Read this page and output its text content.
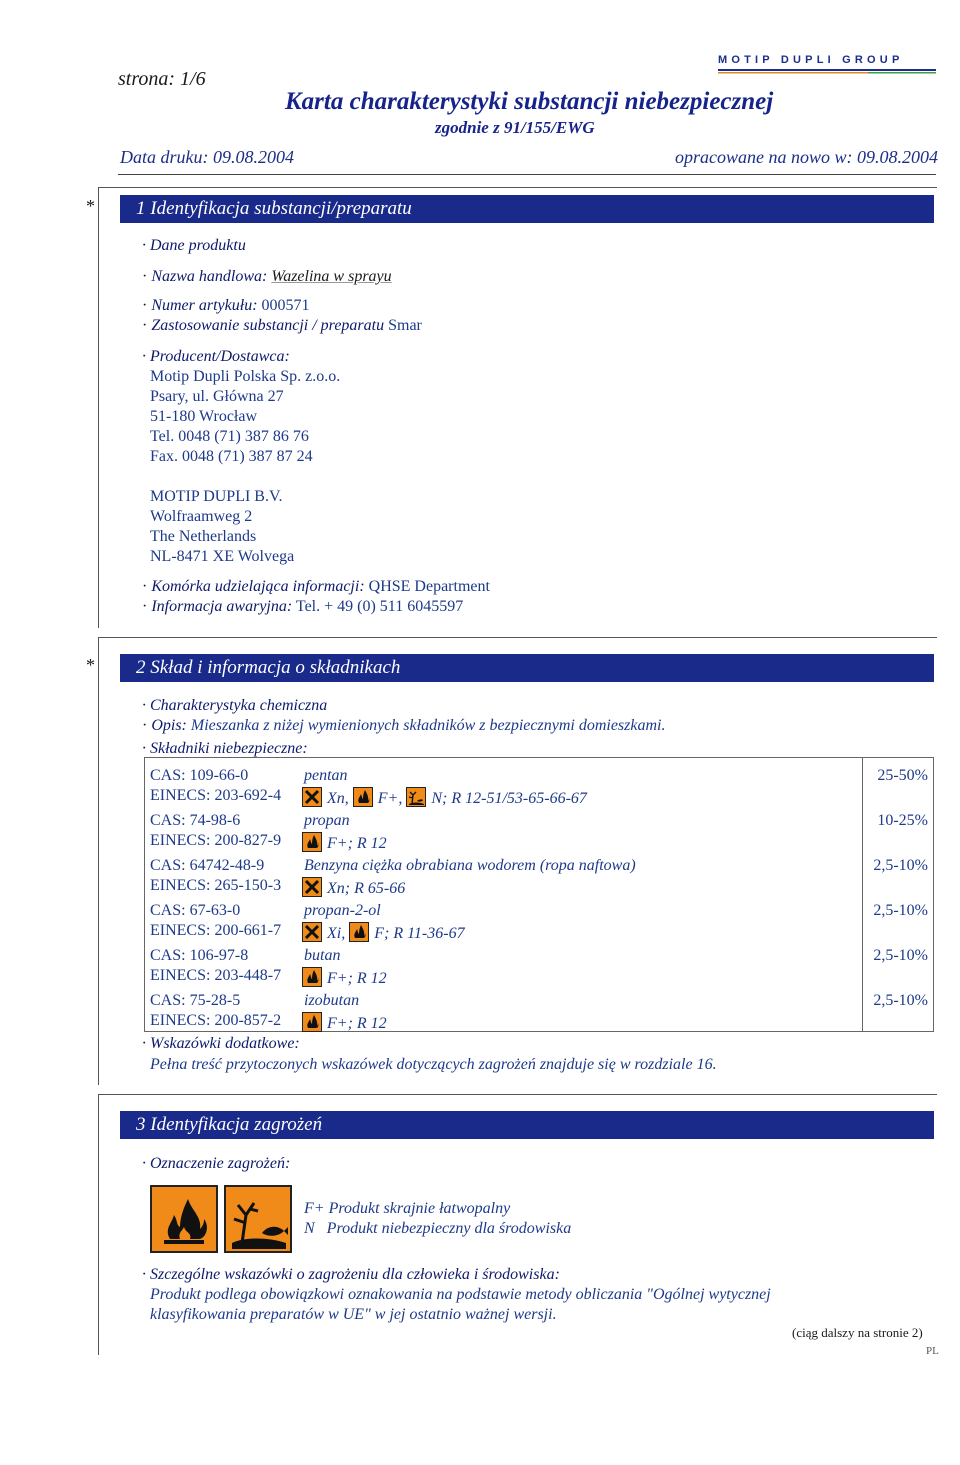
strona: 1/6
MOTIP DUPLI GROUP
Karta charakterystyki substancji niebezpiecznej
zgodnie z 91/155/EWG
Data druku: 09.08.2004	opracowane na nowo w: 09.08.2004
*	1 Identyfikacja substancji/preparatu
· Dane produktu
· Nazwa handlowa: Wazelina w sprayu
· Numer artykułu: 000571
· Zastosowanie substancji / preparatu Smar
· Producent/Dostawca:
Motip Dupli Polska Sp. z.o.o.
Psary, ul. Główna 27
51-180 Wrocław
Tel. 0048 (71) 387 86 76
Fax. 0048 (71) 387 87 24
MOTIP DUPLI B.V.
Wolfraamweg 2
The Netherlands
NL-8471 XE Wolvega
· Komórka udzielająca informacji: QHSE Department
· Informacja awaryjna: Tel. + 49 (0) 511 6045597
*	2 Skład i informacja o składnikach
· Charakterystyka chemiczna
· Opis: Mieszanka z niżej wymienionych składników z bezpiecznymi domieszkami.
· Składniki niebezpieczne:
CAS: 109-66-0
EINECS: 203-692-4
pentan	25-50%
Xn, F+, N; R 12-51/53-65-66-67
CAS: 74-98-6
EINECS: 200-827-9
propan	10-25%
F+; R 12
CAS: 64742-48-9
EINECS: 265-150-3
Benzyna ciężka obrabiana wodorem (ropa naftowa)	2,5-10%
Xn; R 65-66
CAS: 67-63-0
EINECS: 200-661-7
propan-2-ol	2,5-10%
Xi, F; R 11-36-67
CAS: 106-97-8
EINECS: 203-448-7
butan	2,5-10%
F+; R 12
CAS: 75-28-5
EINECS: 200-857-2
izobutan	2,5-10%
F+; R 12
· Wskazówki dodatkowe:
Pełna treść przytoczonych wskazówek dotyczących zagrożeń znajduje się w rozdziale 16.
3 Identyfikacja zagrożeń
· Oznaczenie zagrożeń:
F+ Produkt skrajnie łatwopalny
N   Produkt niebezpieczny dla środowiska
· Szczególne wskazówki o zagrożeniu dla człowieka i środowiska:
Produkt podlega obowiązkowi oznakowania na podstawie metody obliczania "Ogólnej wytycznej
klasyfikowania preparatów w UE" w jej ostatnio ważnej wersji.
(ciąg dalszy na stronie 2)
PL
